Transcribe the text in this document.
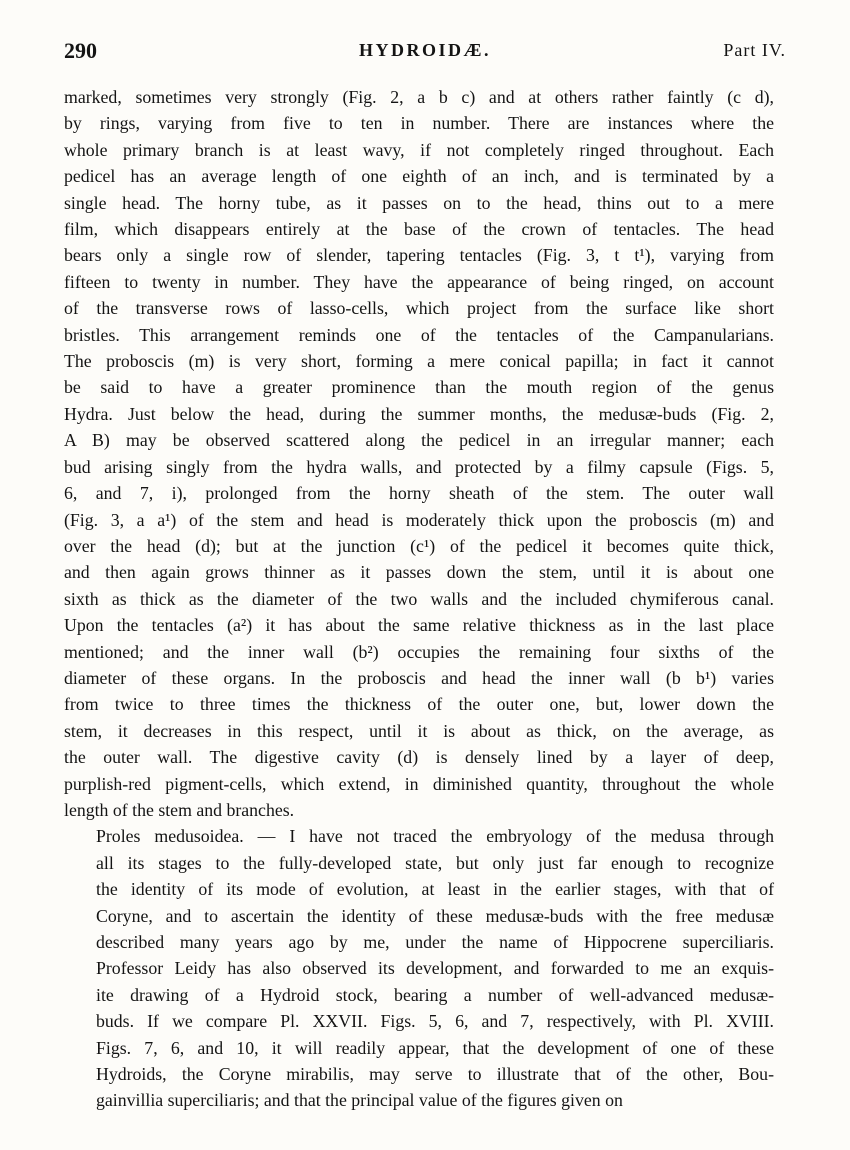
290	HYDROIDÆ.	Part IV.

marked, sometimes very strongly (Fig. 2, a b c) and at others rather faintly (c d),
by rings, varying from five to ten in number. There are instances where the
whole primary branch is at least wavy, if not completely ringed throughout. Each
pedicel has an average length of one eighth of an inch, and is terminated by a
single head. The horny tube, as it passes on to the head, thins out to a mere
film, which disappears entirely at the base of the crown of tentacles. The head
bears only a single row of slender, tapering tentacles (Fig. 3, t t¹), varying from
fifteen to twenty in number. They have the appearance of being ringed, on account
of the transverse rows of lasso-cells, which project from the surface like short
bristles. This arrangement reminds one of the tentacles of the Campanularians.
The proboscis (m) is very short, forming a mere conical papilla; in fact it cannot
be said to have a greater prominence than the mouth region of the genus
Hydra. Just below the head, during the summer months, the medusæ-buds (Fig. 2,
A B) may be observed scattered along the pedicel in an irregular manner; each
bud arising singly from the hydra walls, and protected by a filmy capsule (Figs. 5,
6, and 7, i), prolonged from the horny sheath of the stem. The outer wall
(Fig. 3, a a¹) of the stem and head is moderately thick upon the proboscis (m) and
over the head (d); but at the junction (c¹) of the pedicel it becomes quite thick,
and then again grows thinner as it passes down the stem, until it is about one
sixth as thick as the diameter of the two walls and the included chymiferous canal.
Upon the tentacles (a²) it has about the same relative thickness as in the last place
mentioned; and the inner wall (b²) occupies the remaining four sixths of the
diameter of these organs. In the proboscis and head the inner wall (b b¹) varies
from twice to three times the thickness of the outer one, but, lower down the
stem, it decreases in this respect, until it is about as thick, on the average, as
the outer wall. The digestive cavity (d) is densely lined by a layer of deep,
purplish-red pigment-cells, which extend, in diminished quantity, throughout the whole
length of the stem and branches.

Proles medusoidea. — I have not traced the embryology of the medusa through
all its stages to the fully-developed state, but only just far enough to recognize
the identity of its mode of evolution, at least in the earlier stages, with that of
Coryne, and to ascertain the identity of these medusæ-buds with the free medusæ
described many years ago by me, under the name of Hippocrene superciliaris.
Professor Leidy has also observed its development, and forwarded to me an exquis-
ite drawing of a Hydroid stock, bearing a number of well-advanced medusæ-
buds. If we compare Pl. XXVII. Figs. 5, 6, and 7, respectively, with Pl. XVIII.
Figs. 7, 6, and 10, it will readily appear, that the development of one of these
Hydroids, the Coryne mirabilis, may serve to illustrate that of the other, Bou-
gainvillia superciliaris; and that the principal value of the figures given on
